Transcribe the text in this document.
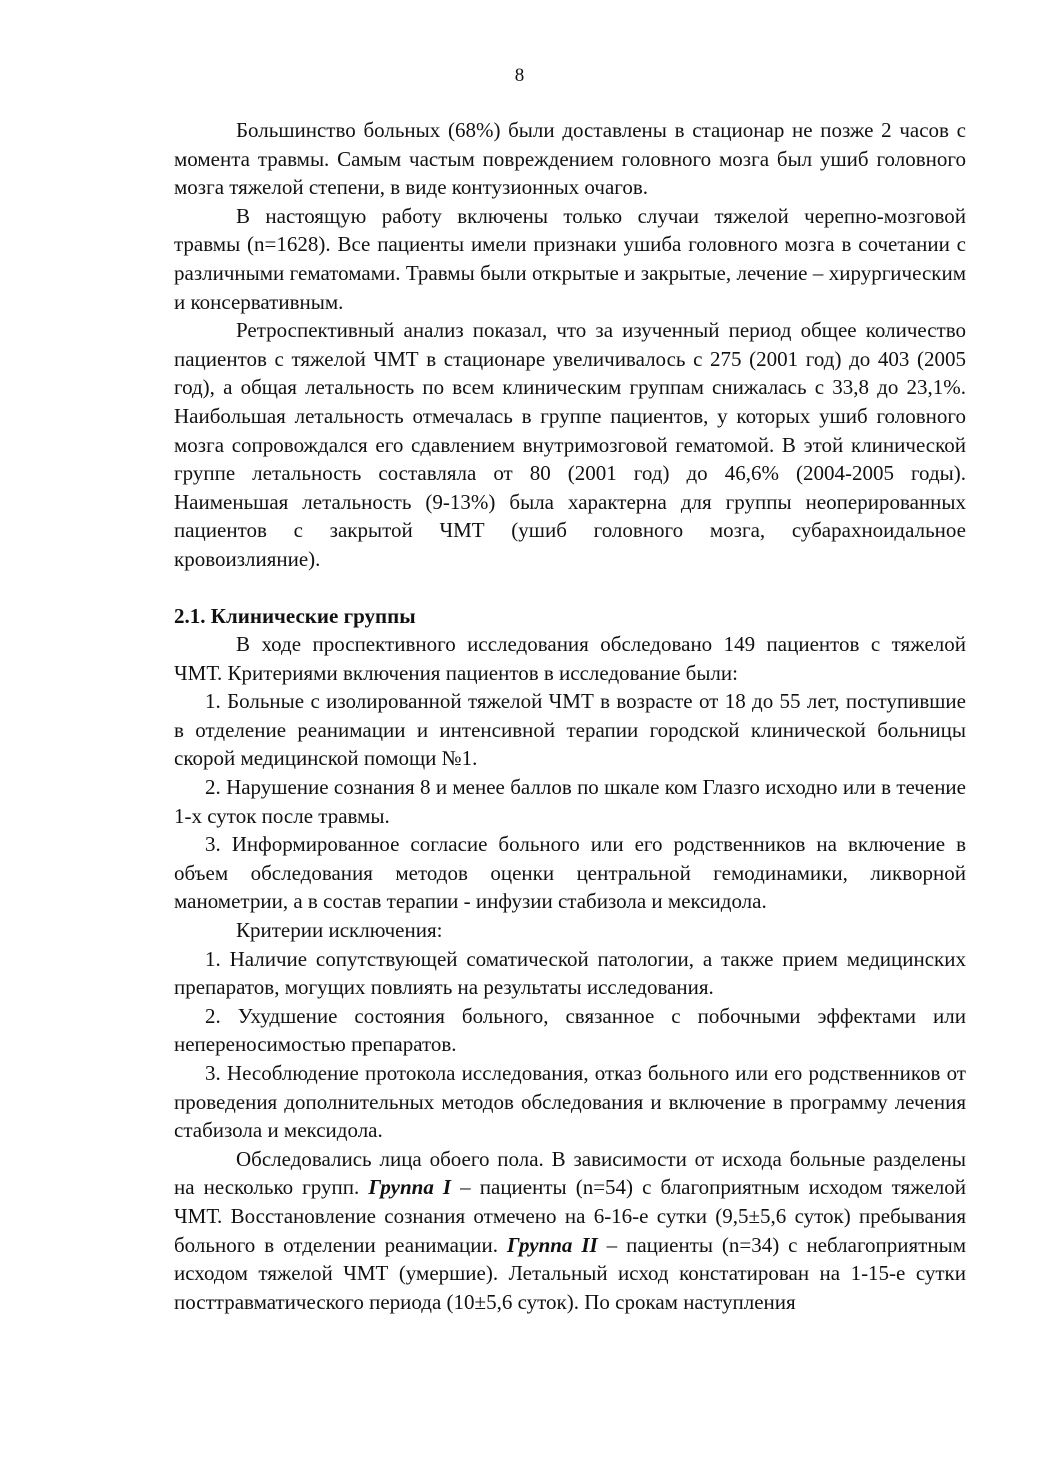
8

Большинство больных (68%) были доставлены в стационар не позже 2 часов с момента травмы. Самым частым повреждением головного мозга был ушиб головного мозга тяжелой степени, в виде контузионных очагов.

В настоящую работу включены только случаи тяжелой черепно-мозговой травмы (n=1628). Все пациенты имели признаки ушиба головного мозга в сочетании с различными гематомами. Травмы были открытые и закрытые, лечение – хирургическим и консервативным.

Ретроспективный анализ показал, что за изученный период общее количество пациентов с тяжелой ЧМТ в стационаре увеличивалось с 275 (2001 год) до 403 (2005 год), а общая летальность по всем клиническим группам снижалась с 33,8 до 23,1%. Наибольшая летальность отмечалась в группе пациентов, у которых ушиб головного мозга сопровождался его сдавлением внутримозговой гематомой. В этой клинической группе летальность составляла от 80 (2001 год) до 46,6% (2004-2005 годы). Наименьшая летальность (9-13%) была характерна для группы неоперированных пациентов с закрытой ЧМТ (ушиб головного мозга, субарахноидальное кровоизлияние).

2.1. Клинические группы

В ходе проспективного исследования обследовано 149 пациентов с тяжелой ЧМТ. Критериями включения пациентов в исследование были:

1. Больные с изолированной тяжелой ЧМТ в возрасте от 18 до 55 лет, поступившие в отделение реанимации и интенсивной терапии городской клинической больницы скорой медицинской помощи №1.

2. Нарушение сознания 8 и менее баллов по шкале ком Глазго исходно или в течение 1-х суток после травмы.

3. Информированное согласие больного или его родственников на включение в объем обследования методов оценки центральной гемодинамики, ликворной манометрии, а в состав терапии - инфузии стабизола и мексидола.

Критерии исключения:

1. Наличие сопутствующей соматической патологии, а также прием медицинских препаратов, могущих повлиять на результаты исследования.

2. Ухудшение состояния больного, связанное с побочными эффектами или непереносимостью препаратов.

3. Несоблюдение протокола исследования, отказ больного или его родственников от проведения дополнительных методов обследования и включение в программу лечения стабизола и мексидола.

Обследовались лица обоего пола. В зависимости от исхода больные разделены на несколько групп. Группа I – пациенты (n=54) с благоприятным исходом тяжелой ЧМТ. Восстановление сознания отмечено на 6-16-е сутки (9,5±5,6 суток) пребывания больного в отделении реанимации. Группа II – пациенты (n=34) с неблагоприятным исходом тяжелой ЧМТ (умершие). Летальный исход констатирован на 1-15-е сутки посттравматического периода (10±5,6 суток). По срокам наступления
